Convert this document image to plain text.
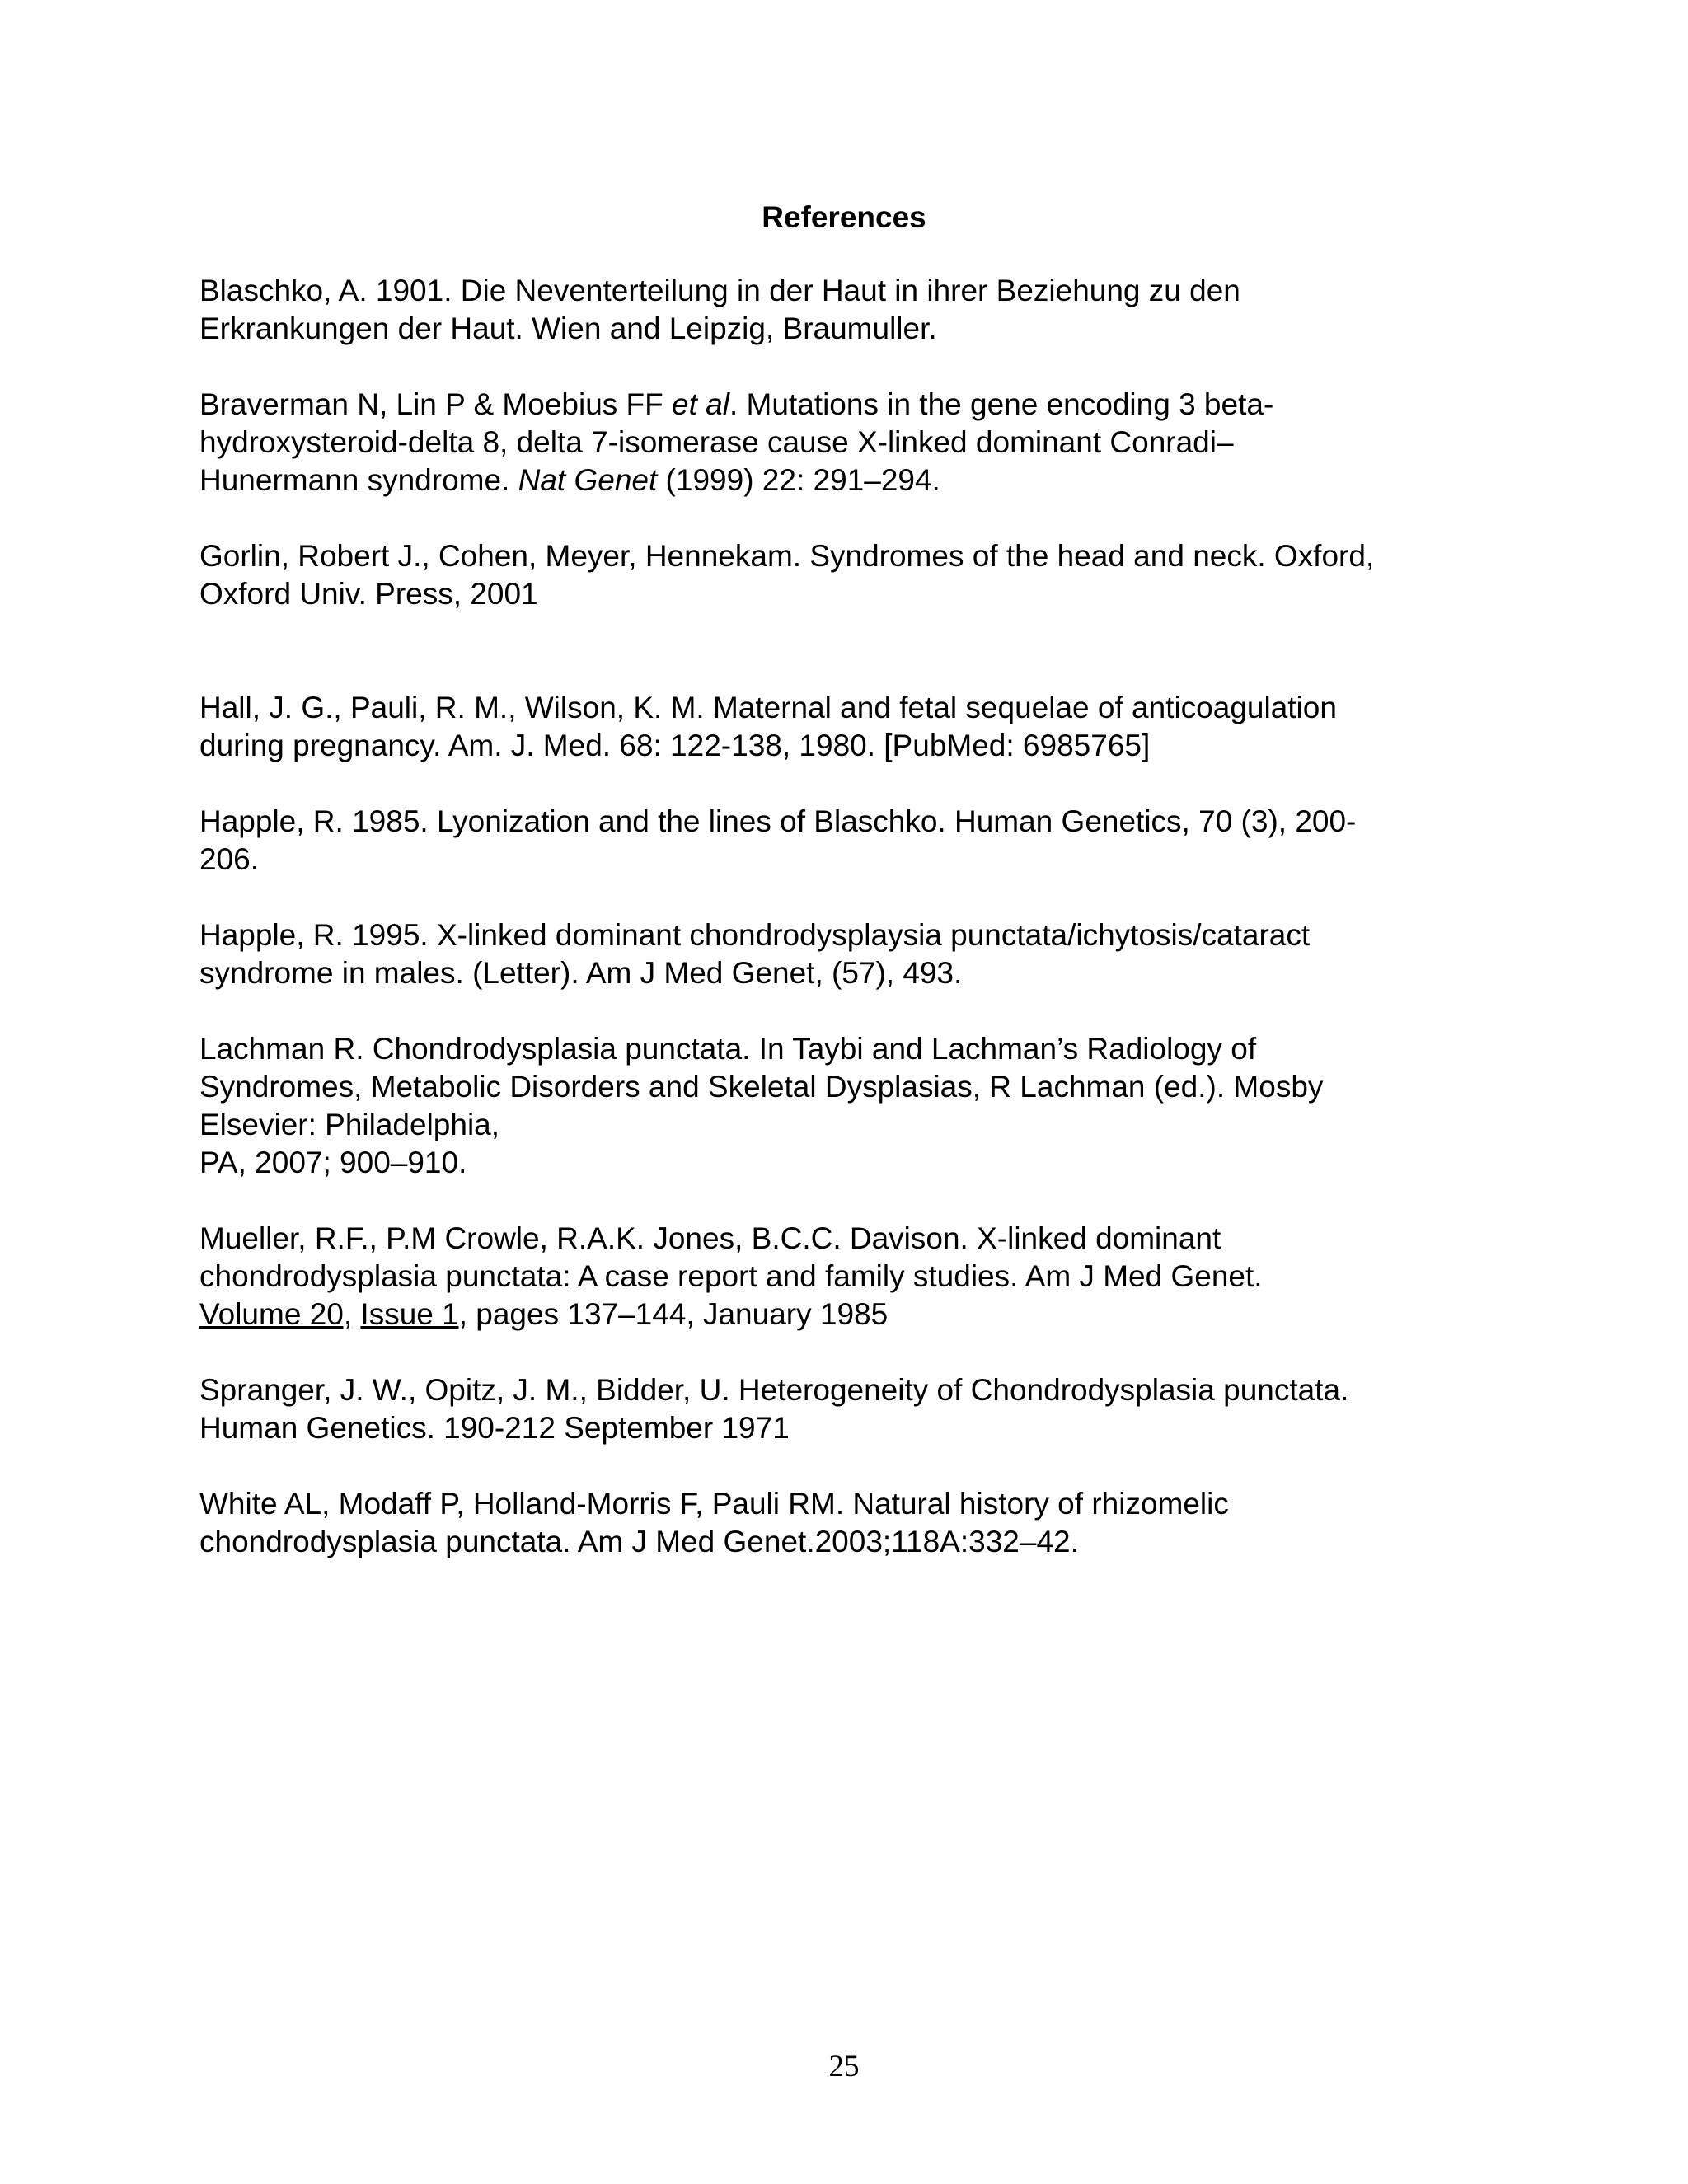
References
Blaschko, A. 1901. Die Neventerteilung in der Haut in ihrer Beziehung zu den
Erkrankungen der Haut. Wien and Leipzig, Braumuller.
Braverman N, Lin P & Moebius FF et al. Mutations in the gene encoding 3 beta-
hydroxysteroid-delta 8, delta 7-isomerase cause X-linked dominant Conradi–
Hunermann syndrome. Nat Genet (1999) 22: 291–294.
Gorlin, Robert J., Cohen, Meyer, Hennekam. Syndromes of the head and neck. Oxford,
Oxford Univ. Press, 2001
Hall, J. G., Pauli, R. M., Wilson, K. M. Maternal and fetal sequelae of anticoagulation
during pregnancy. Am. J. Med. 68: 122-138, 1980. [PubMed: 6985765]
Happle, R. 1985. Lyonization and the lines of Blaschko. Human Genetics, 70 (3), 200-
206.
Happle, R. 1995. X-linked dominant chondrodysplaysia punctata/ichytosis/cataract
syndrome in males. (Letter). Am J Med Genet, (57), 493.
Lachman R. Chondrodysplasia punctata. In Taybi and Lachman’s Radiology of
Syndromes, Metabolic Disorders and Skeletal Dysplasias, R Lachman (ed.). Mosby
Elsevier: Philadelphia,
PA, 2007; 900–910.
Mueller, R.F., P.M Crowle, R.A.K. Jones, B.C.C. Davison. X-linked dominant
chondrodysplasia punctata: A case report and family studies. Am J Med Genet.
Volume 20, Issue 1, pages 137–144, January 1985
Spranger, J. W., Opitz, J. M., Bidder, U. Heterogeneity of Chondrodysplasia punctata.
Human Genetics. 190-212 September 1971
White AL, Modaff P, Holland-Morris F, Pauli RM. Natural history of rhizomelic
chondrodysplasia punctata. Am J Med Genet.2003;118A:332–42.
25
